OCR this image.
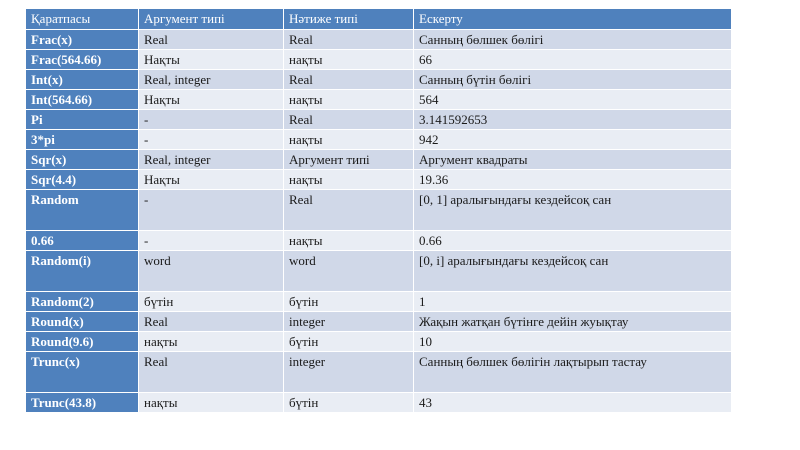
Қаратпасы	Аргумент типі	Нәтиже типі	Ескерту
Frac(x)	Real	Real	Санның бөлшек бөлігі
Frac(564.66)	Нақты	нақты	66
Int(x)	Real, integer	Real	Санның бүтін бөлігі
Int(564.66)	Нақты	нақты	564
Pi	-	Real	3.141592653
3*pi	-	нақты	942
Sqr(x)	Real, integer	Аргумент типі	Аргумент квадраты
Sqr(4.4)	Нақты	нақты	19.36
Random	-	Real	[0, 1] аралығындағы кездейсоқ сан
0.66	-	нақты	0.66
Random(i)	word	word	[0, i] аралығындағы кездейсоқ сан
Random(2)	бүтін	бүтін	1
Round(x)	Real	integer	Жақын жатқан бүтінге дейін жуықтау
Round(9.6)	нақты	бүтін	10
Trunc(x)	Real	integer	Санның бөлшек бөлігін лақтырып тастау
Trunc(43.8)	нақты	бүтін	43
